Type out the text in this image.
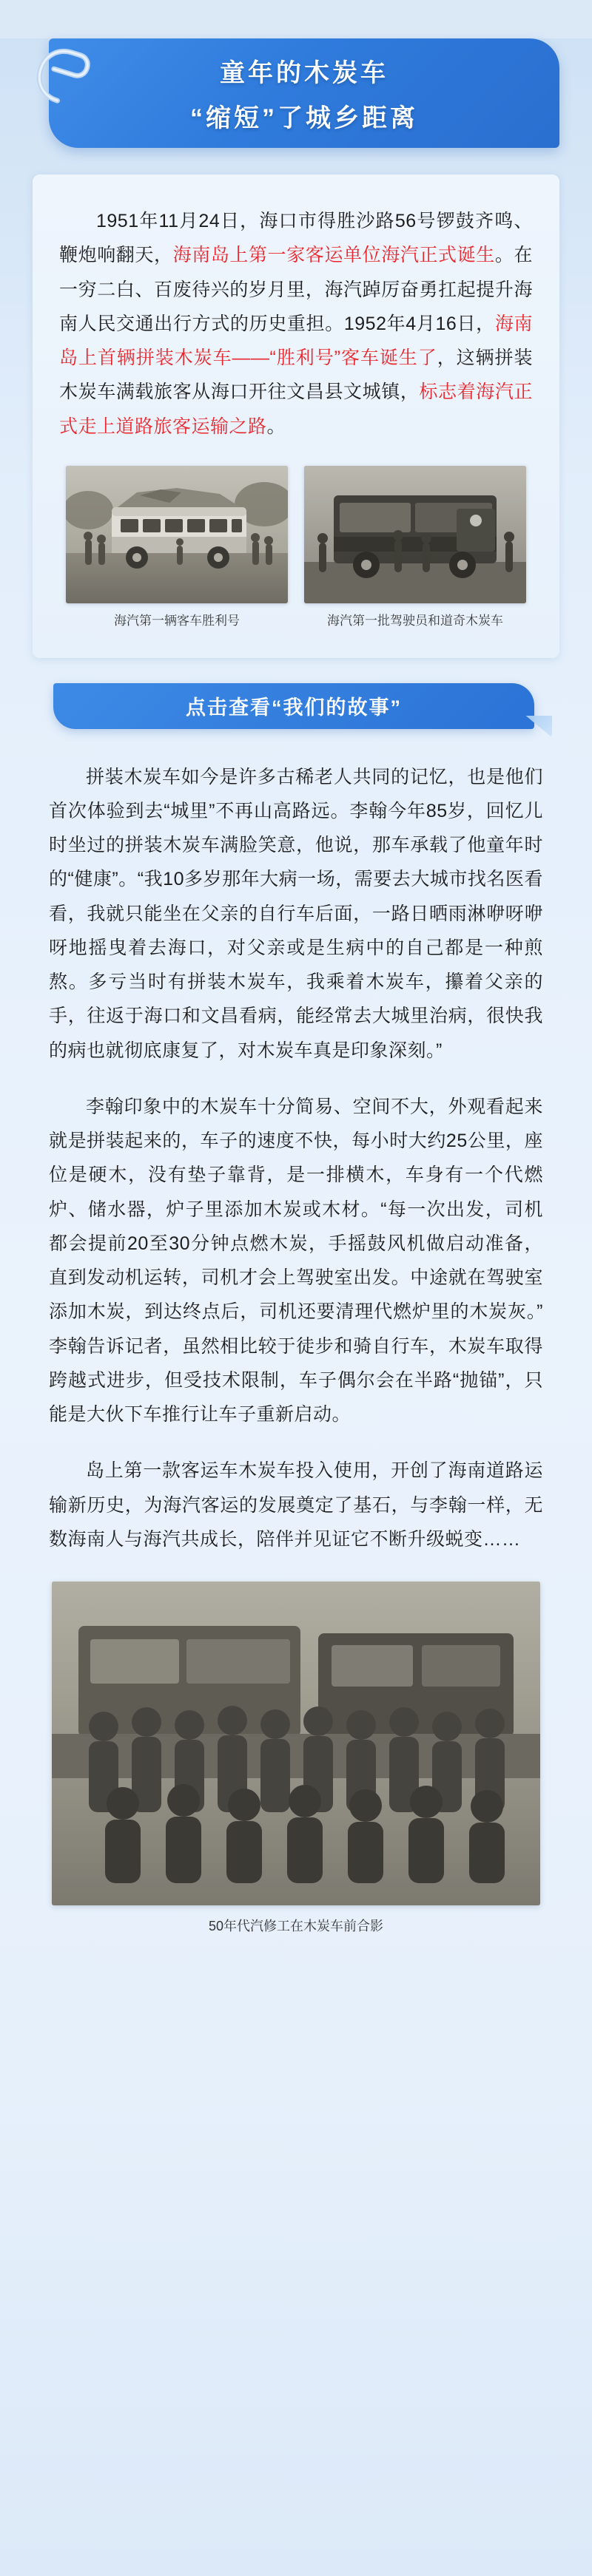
童年的木炭车
“缩短”了城乡距离

1951年11月24日，海口市得胜沙路56号锣鼓齐鸣、鞭炮响翻天，海南岛上第一家客运单位海汽正式诞生。在一穷二白、百废待兴的岁月里，海汽踔厉奋勇扛起提升海南人民交通出行方式的历史重担。1952年4月16日，海南岛上首辆拼装木炭车——“胜利号”客车诞生了，这辆拼装木炭车满载旅客从海口开往文昌县文城镇，标志着海汽正式走上道路旅客运输之路。

海汽第一辆客车胜利号	海汽第一批驾驶员和道奇木炭车
点击查看“我们的故事”

拼装木炭车如今是许多古稀老人共同的记忆，也是他们首次体验到去“城里”不再山高路远。李翰今年85岁，回忆儿时坐过的拼装木炭车满脸笑意，他说，那车承载了他童年时的“健康”。“我10多岁那年大病一场，需要去大城市找名医看看，我就只能坐在父亲的自行车后面，一路日晒雨淋咿呀咿呀地摇曳着去海口，对父亲或是生病中的自己都是一种煎熬。多亏当时有拼装木炭车，我乘着木炭车，攥着父亲的手，往返于海口和文昌看病，能经常去大城里治病，很快我的病也就彻底康复了，对木炭车真是印象深刻。”

李翰印象中的木炭车十分简易、空间不大，外观看起来就是拼装起来的，车子的速度不快，每小时大约25公里，座位是硬木，没有垫子靠背，是一排横木，车身有一个代燃炉、储水器，炉子里添加木炭或木材。“每一次出发，司机都会提前20至30分钟点燃木炭，手摇鼓风机做启动准备，直到发动机运转，司机才会上驾驶室出发。中途就在驾驶室添加木炭，到达终点后，司机还要清理代燃炉里的木炭灰。”李翰告诉记者，虽然相比较于徒步和骑自行车，木炭车取得跨越式进步，但受技术限制，车子偶尔会在半路“抛锚”，只能是大伙下车推行让车子重新启动。

岛上第一款客运车木炭车投入使用，开创了海南道路运输新历史，为海汽客运的发展奠定了基石，与李翰一样，无数海南人与海汽共成长，陪伴并见证它不断升级蜕变……

50年代汽修工在木炭车前合影
